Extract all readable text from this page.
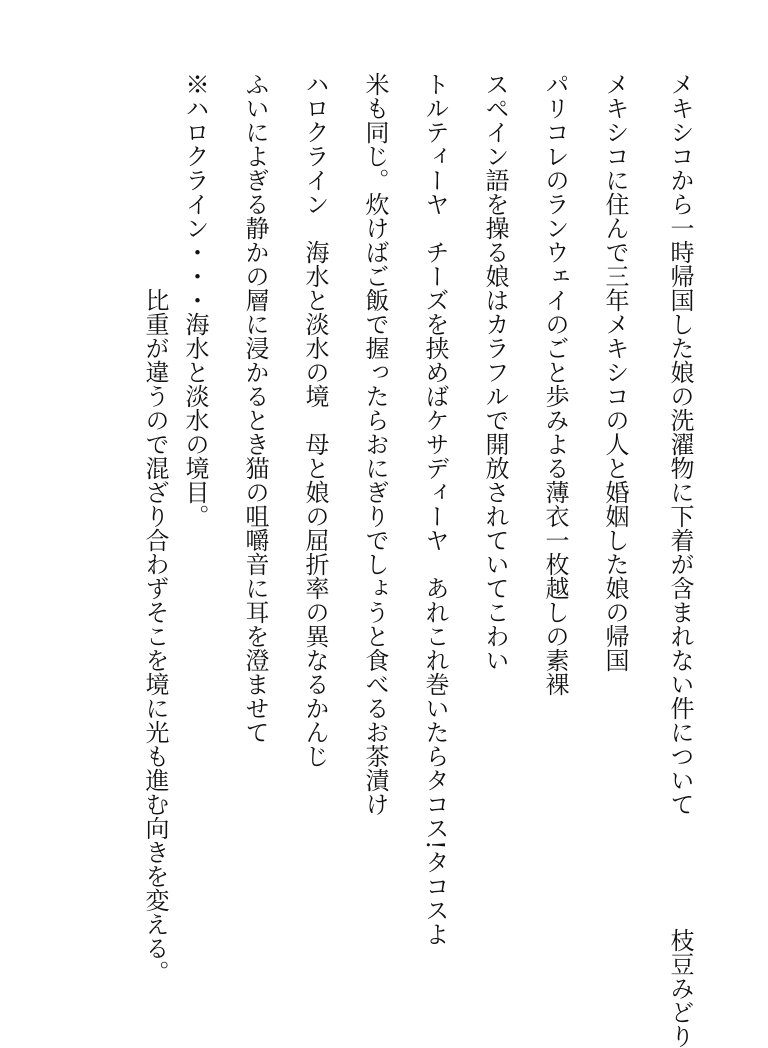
メキシコから一時帰国した娘の洗濯物に下着が含まれない件について枝豆みどり
メキシコに住んで三年メキシコの人と婚姻した娘の帰国
パリコレのランウェイのごと歩みよる薄衣一枚越しの素裸
スペイン語を操る娘はカラフルで開放されていてこわい
トルティーヤ　チーズを挟めばケサディーヤ　あれこれ巻いたらタコス!タコスよ
米も同じ。炊けばご飯で握ったらおにぎりでしょうと食べるお茶漬け
ハロクライン　海水と淡水の境　母と娘の屈折率の異なるかんじ
ふいによぎる静かの層に浸かるとき猫の咀嚼音に耳を澄ませて
※ハロクライン・・・海水と淡水の境目。
比重が違うので混ざり合わずそこを境に光も進む向きを変える。
